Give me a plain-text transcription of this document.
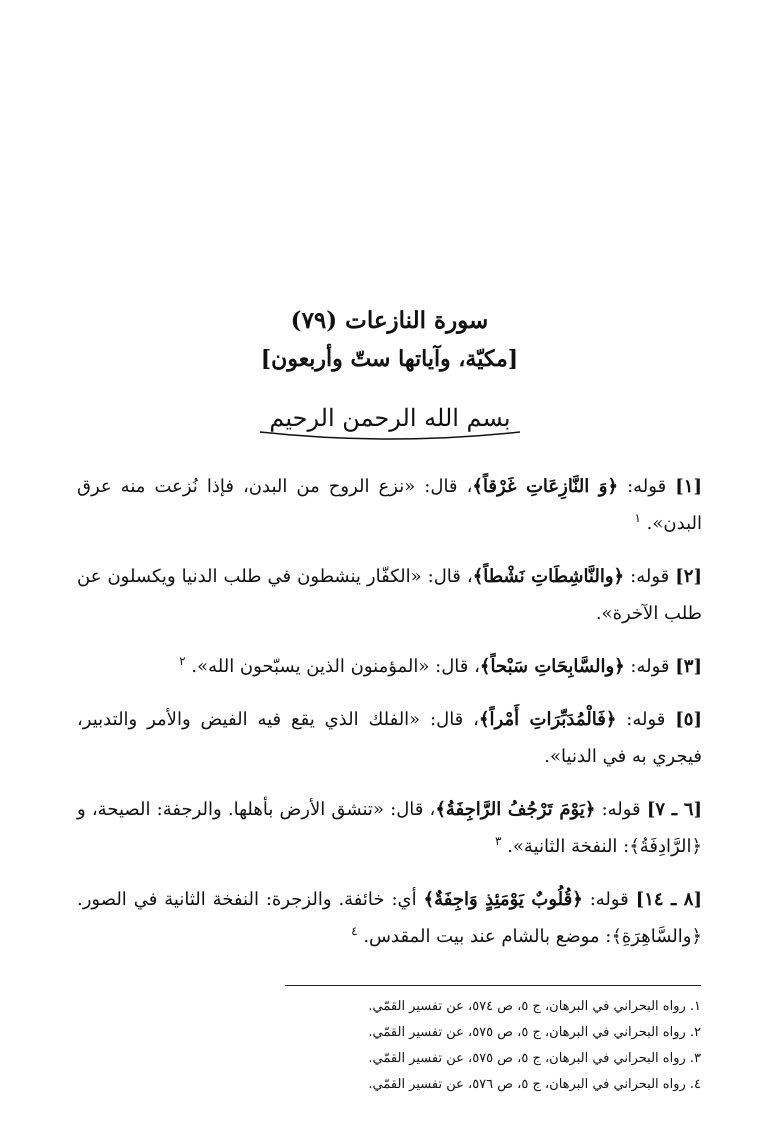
سورة النازعات (٧٩)
[مكيّة، وآياتها ستّ وأربعون]
بسم الله الرحمن الرحيم

[١] قوله: ﴿وَ النَّازِعَاتِ غَرْقاً﴾، قال: «نزع الروح من البدن، فإذا نُزعت منه عرق البدن». $^١$

[٢] قوله: ﴿والنَّاشِطَاتِ نَشْطاً﴾، قال: «الكفّار ينشطون في طلب الدنيا ويكسلون عن طلب الآخرة».

[٣] قوله: ﴿والسَّابِحَاتِ سَبْحاً﴾، قال: «المؤمنون الذين يسبّحون الله». $^٢$

[٥] قوله: ﴿فَالْمُدَبِّرَاتِ أَمْراً﴾، قال: «الفلك الذي يقع فيه الفيض والأمر والتدبير، فيجري به في الدنيا».

[٦ ـ ٧] قوله: ﴿يَوْمَ تَرْجُفُ الرَّاجِفَةُ﴾، قال: «تنشق الأرض بأهلها. والرجفة: الصيحة، و ﴿الرَّادِفَةُ﴾: النفخة الثانية». $^٣$

[٨ ـ ١٤] قوله: ﴿قُلُوبٌ يَوْمَئِذٍ وَاجِفَةٌ﴾ أي: خائفة. والزجرة: النفخة الثانية في الصور. ﴿والسَّاهِرَةِ﴾: موضع بالشام عند بيت المقدس. $^٤$

١. رواه البحراني في البرهان، ج ٥، ص ٥٧٤، عن تفسير القمّي.

٢. رواه البحراني في البرهان، ج ٥، ص ٥٧٥، عن تفسير القمّي.

٣. رواه البحراني في البرهان، ج ٥، ص ٥٧٥، عن تفسير القمّي.

٤. رواه البحراني في البرهان، ج ٥، ص ٥٧٦، عن تفسير القمّي.
